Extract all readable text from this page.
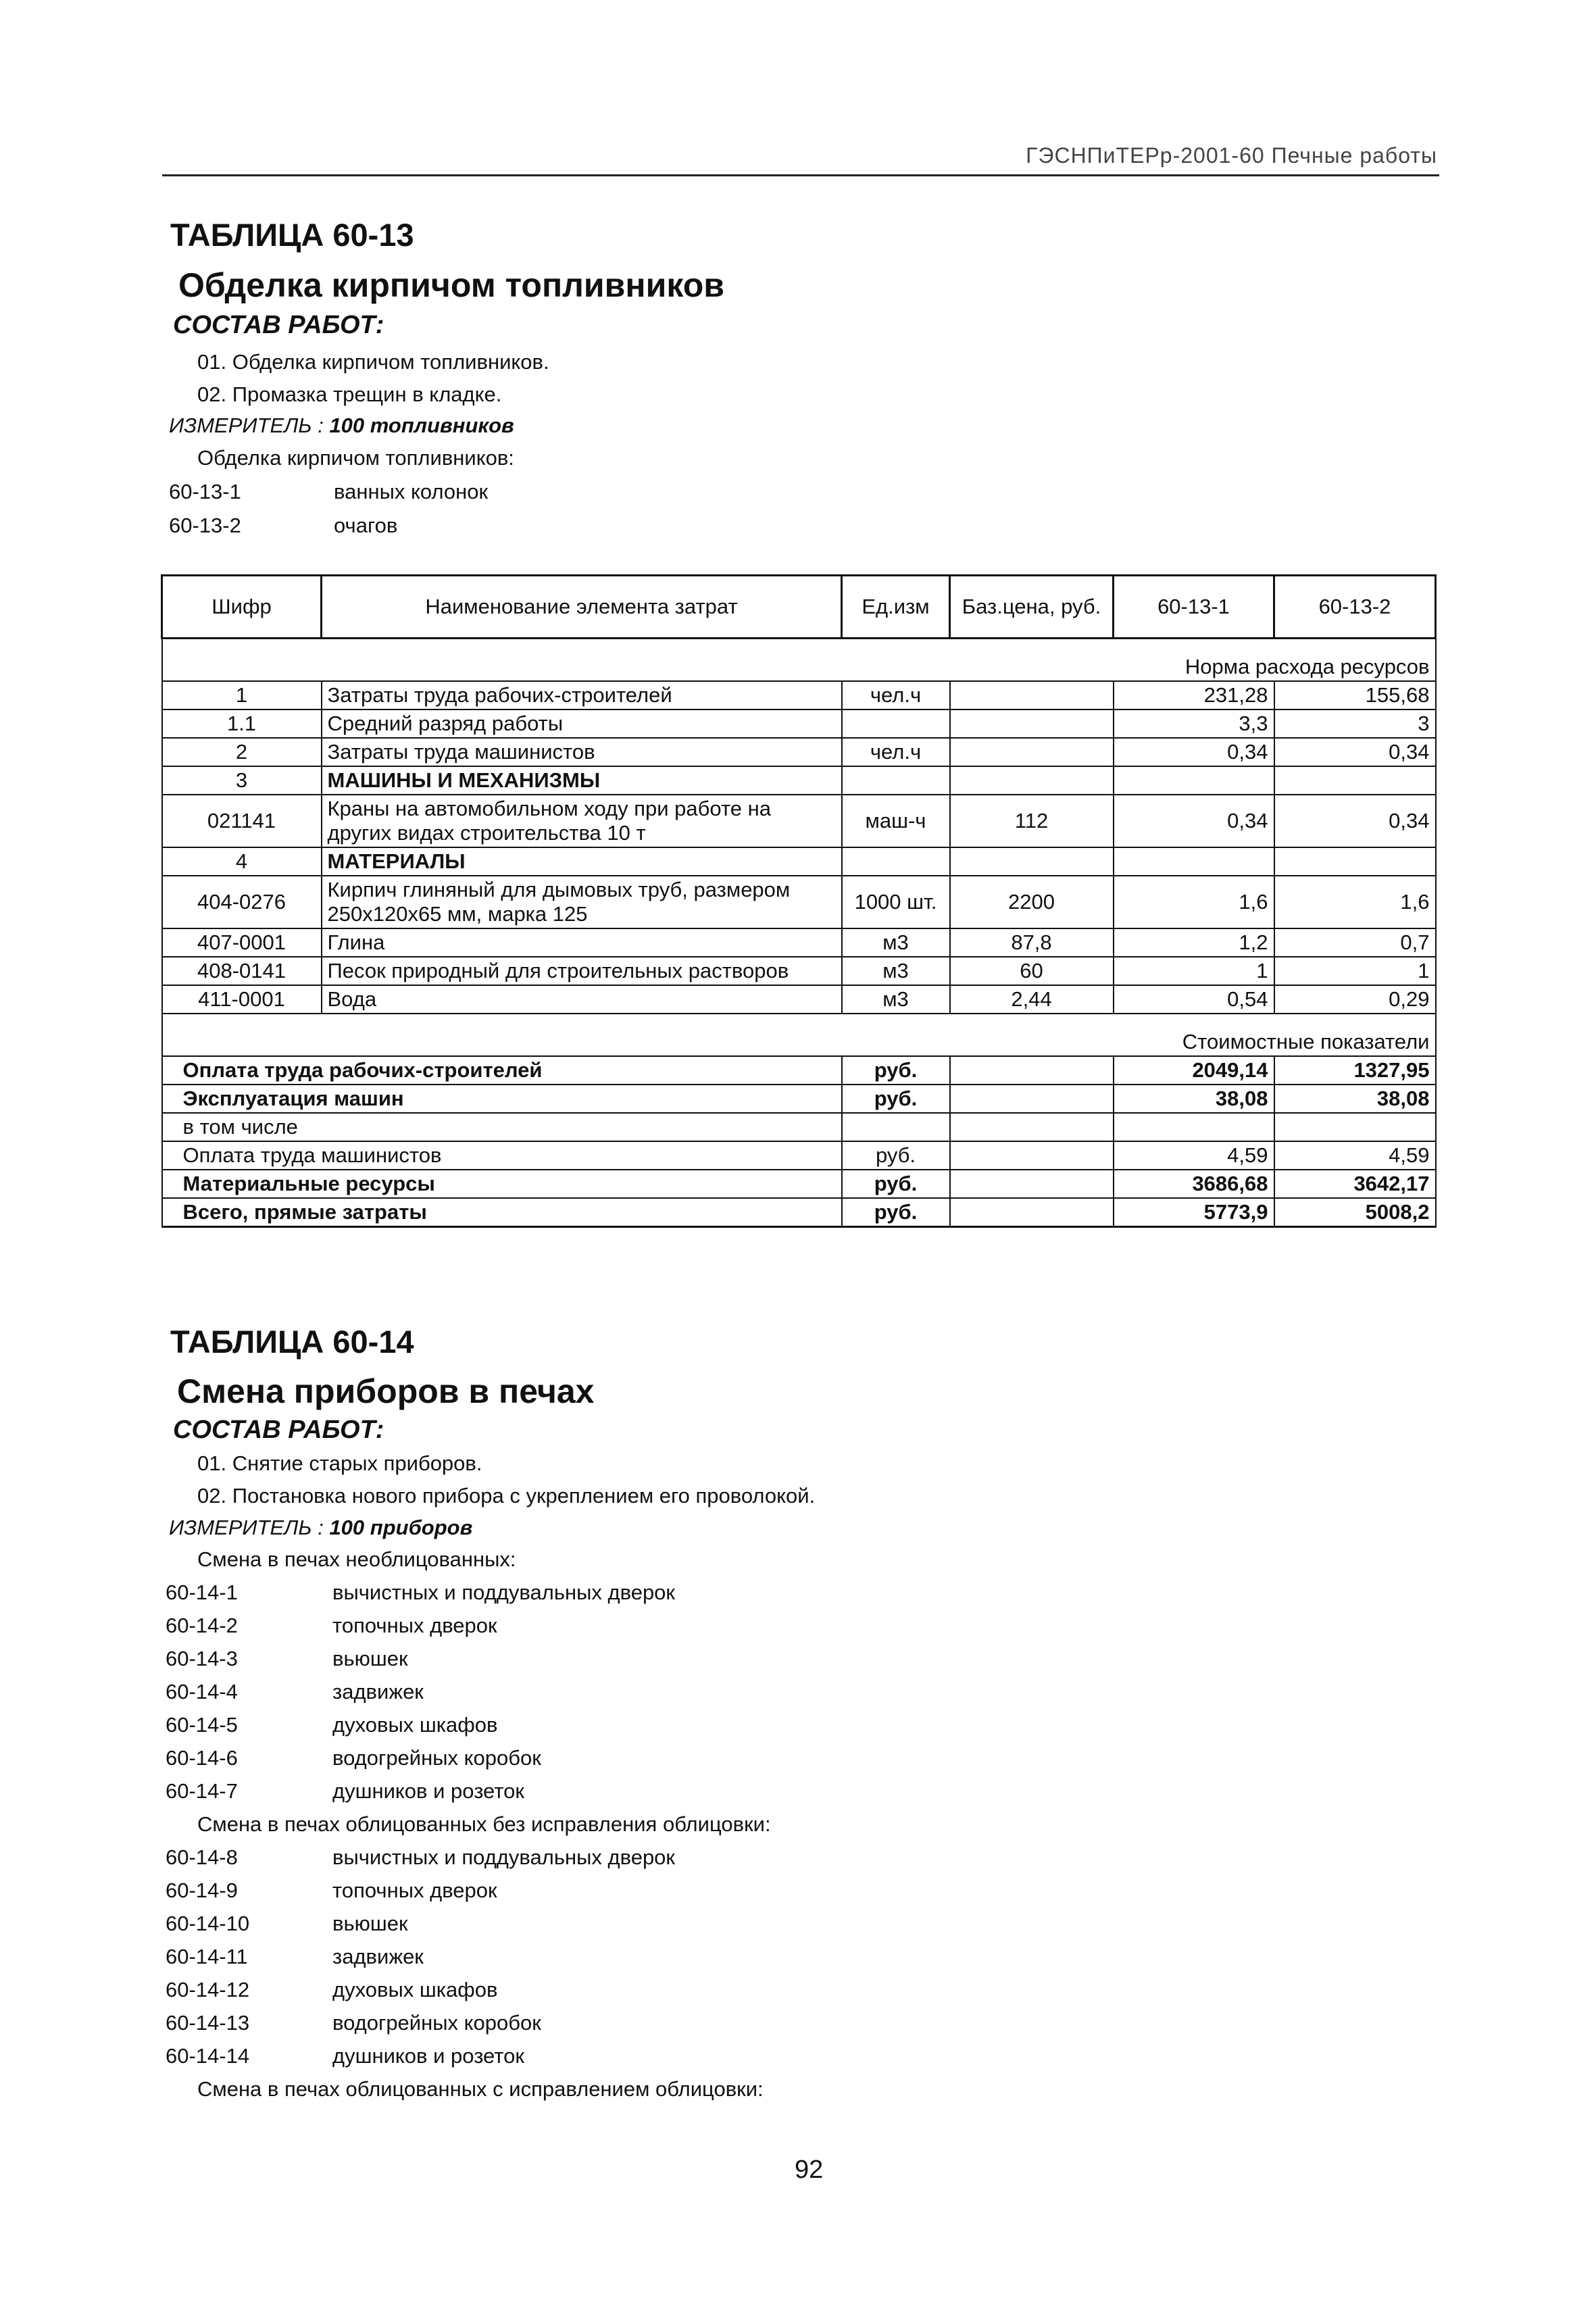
ГЭСНПиТЕРр-2001-60 Печные работы
ТАБЛИЦА 60-13
Обделка кирпичом топливников
СОСТАВ РАБОТ:
01. Обделка кирпичом топливников.
02. Промазка трещин в кладке.
ИЗМЕРИТЕЛЬ : 100 топливников
Обделка кирпичом топливников:
60-13-1	ванных колонок
60-13-2	очагов
Шифр	Наименование элемента затрат	Ед.изм	Баз.цена, руб.	60-13-1	60-13-2

Норма расхода ресурсов					
1	Затраты труда рабочих-строителей	чел.ч		231,28	155,68
1.1	Средний разряд работы			3,3	3
2	Затраты труда машинистов	чел.ч		0,34	0,34
3	МАШИНЫ И МЕХАНИЗМЫ				
021141	Краны на автомобильном ходу при работе на других видах строительства 10 т	маш-ч	112	0,34	0,34
4	МАТЕРИАЛЫ				
404-0276	Кирпич глиняный для дымовых труб, размером 250х120х65 мм, марка 125	1000 шт.	2200	1,6	1,6
407-0001	Глина	м3	87,8	1,2	0,7
408-0141	Песок природный для строительных растворов	м3	60	1	1
411-0001	Вода	м3	2,44	0,54	0,29

Стоимостные показатели					
Оплата труда рабочих-строителей		руб.		2049,14	1327,95
Эксплуатация машин		руб.		38,08	38,08
в том числе					
Оплата труда машинистов		руб.		4,59	4,59
Материальные ресурсы		руб.		3686,68	3642,17
Всего, прямые затраты		руб.		5773,9	5008,2
ТАБЛИЦА 60-14
Смена приборов в печах
СОСТАВ РАБОТ:
01. Снятие старых приборов.
02. Постановка нового прибора с укреплением его проволокой.
ИЗМЕРИТЕЛЬ : 100 приборов
Смена в печах необлицованных:
60-14-1	вычистных и поддувальных дверок
60-14-2	топочных дверок
60-14-3	вьюшек
60-14-4	задвижек
60-14-5	духовых шкафов
60-14-6	водогрейных коробок
60-14-7	душников и розеток
Смена в печах облицованных без исправления облицовки:
60-14-8	вычистных и поддувальных дверок
60-14-9	топочных дверок
60-14-10	вьюшек
60-14-11	задвижек
60-14-12	духовых шкафов
60-14-13	водогрейных коробок
60-14-14	душников и розеток
Смена в печах облицованных с исправлением облицовки:
92
